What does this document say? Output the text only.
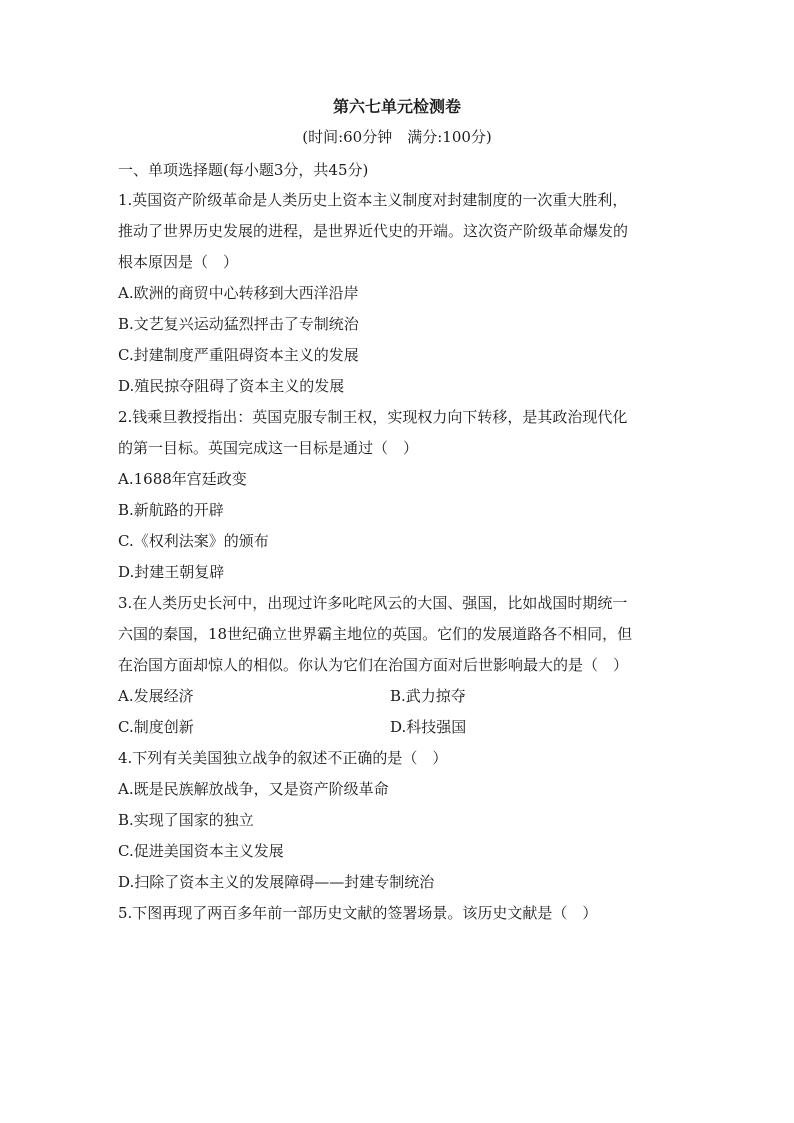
第六七单元检测卷
(时间:60分钟　满分:100分)
一、单项选择题(每小题3分，共45分)
1.英国资产阶级革命是人类历史上资本主义制度对封建制度的一次重大胜利，
推动了世界历史发展的进程，是世界近代史的开端。这次资产阶级革命爆发的
根本原因是（　）
A.欧洲的商贸中心转移到大西洋沿岸
B.文艺复兴运动猛烈抨击了专制统治
C.封建制度严重阻碍资本主义的发展
D.殖民掠夺阻碍了资本主义的发展
2.钱乘旦教授指出：英国克服专制王权，实现权力向下转移，是其政治现代化
的第一目标。英国完成这一目标是通过（　）
A.1688年宫廷政变
B.新航路的开辟
C.《权利法案》的颁布
D.封建王朝复辟
3.在人类历史长河中，出现过许多叱咤风云的大国、强国，比如战国时期统一
六国的秦国，18世纪确立世界霸主地位的英国。它们的发展道路各不相同，但
在治国方面却惊人的相似。你认为它们在治国方面对后世影响最大的是（　）
A.发展经济	B.武力掠夺
C.制度创新	D.科技强国
4.下列有关美国独立战争的叙述不正确的是（　）
A.既是民族解放战争，又是资产阶级革命
B.实现了国家的独立
C.促进美国资本主义发展
D.扫除了资本主义的发展障碍——封建专制统治
5.下图再现了两百多年前一部历史文献的签署场景。该历史文献是（　）
